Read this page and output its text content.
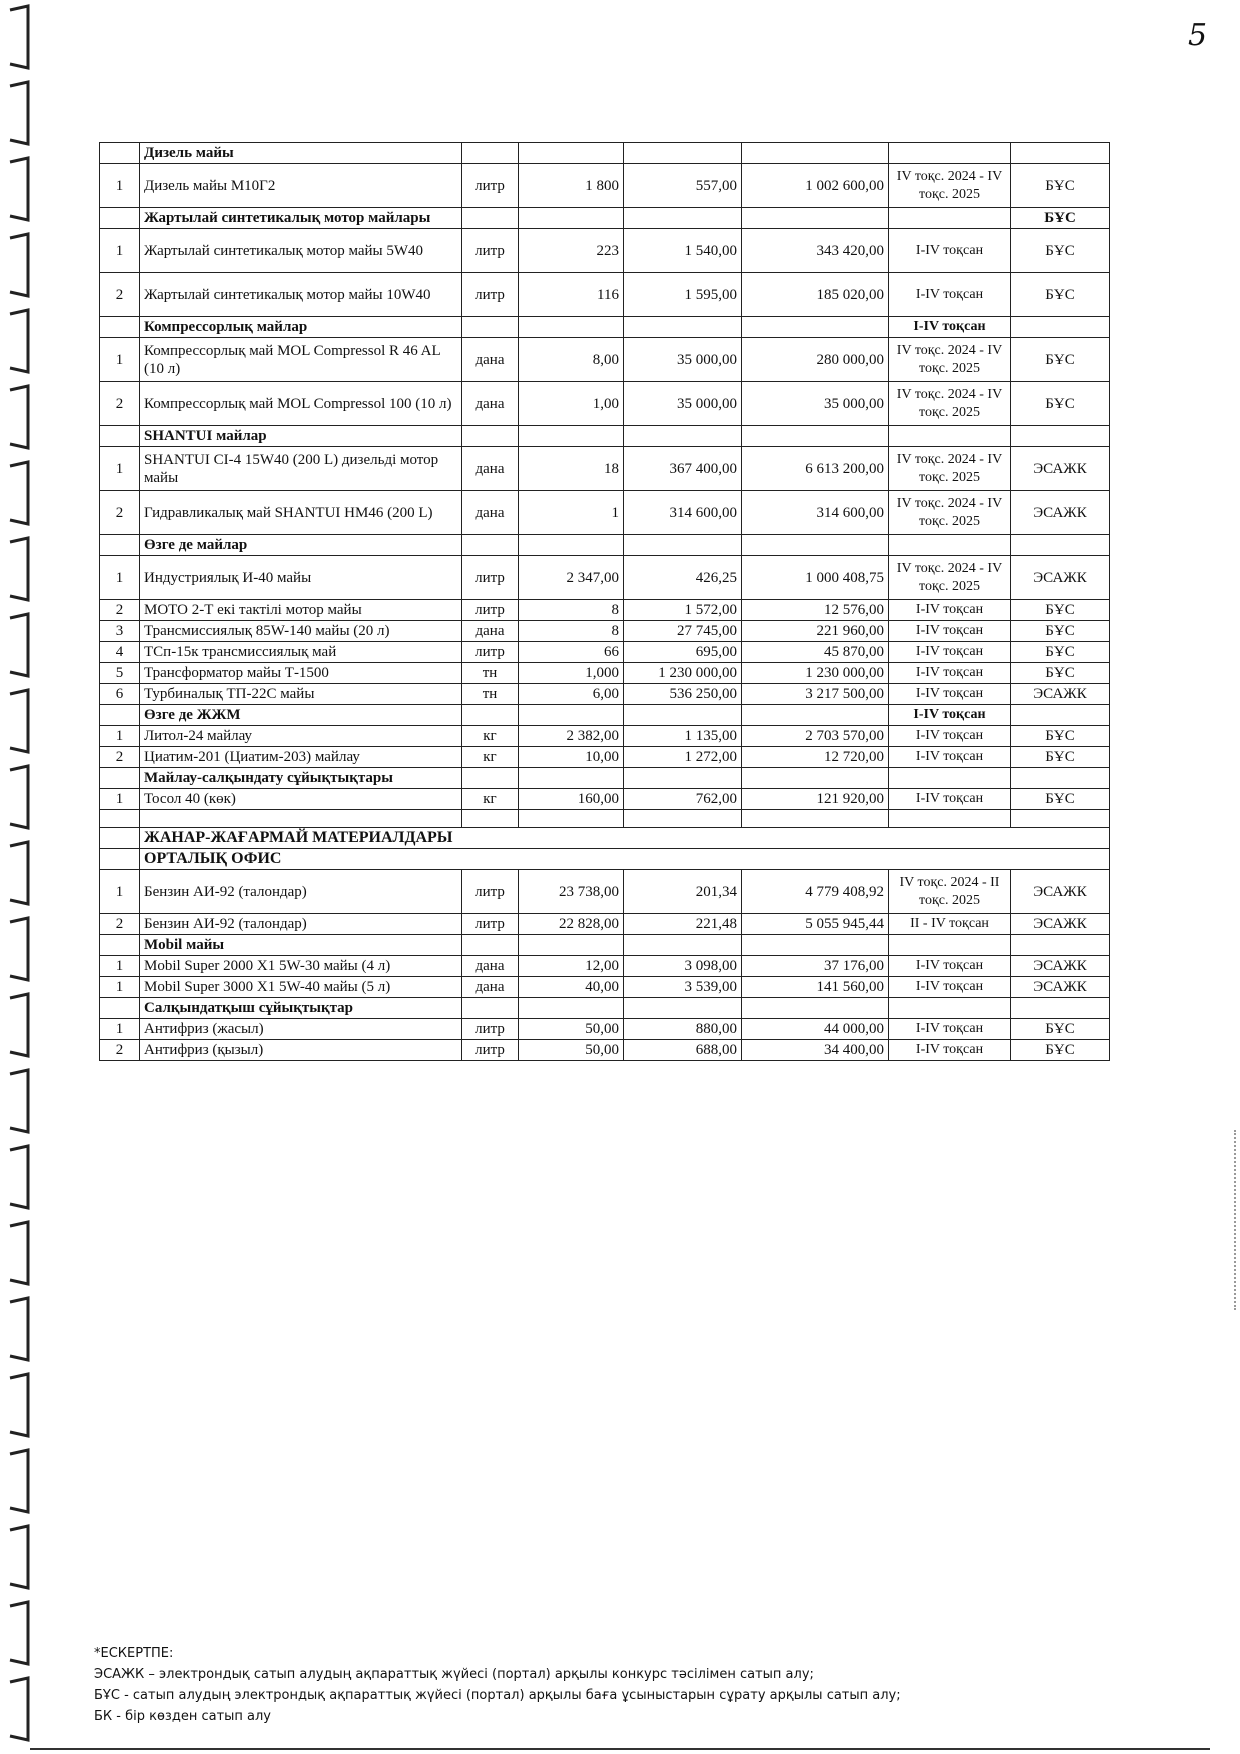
5
	Дизель майы						
1	Дизель майы М10Г2	литр	1 800	557,00	1 002 600,00	IV тоқс. 2024 - IV тоқс. 2025	БҰС
	Жартылай синтетикалық мотор майлары						БҰС
1	Жартылай синтетикалық мотор майы 5W40	литр	223	1 540,00	343 420,00	I-IV тоқсан	БҰС
2	Жартылай синтетикалық мотор майы 10W40	литр	116	1 595,00	185 020,00	I-IV тоқсан	БҰС
	Компрессорлық майлар					I-IV тоқсан	
1	Компрессорлық май MOL Compressol R 46 AL (10 л)	дана	8,00	35 000,00	280 000,00	IV тоқс. 2024 - IV тоқс. 2025	БҰС
2	Компрессорлық май MOL Compressol 100 (10 л)	дана	1,00	35 000,00	35 000,00	IV тоқс. 2024 - IV тоқс. 2025	БҰС
	SHANTUI майлар						
1	SHANTUI CI-4 15W40 (200 L) дизельді мотор майы	дана	18	367 400,00	6 613 200,00	IV тоқс. 2024 - IV тоқс. 2025	ЭСАЖК
2	Гидравликалық май SHANTUI HM46 (200 L)	дана	1	314 600,00	314 600,00	IV тоқс. 2024 - IV тоқс. 2025	ЭСАЖК
	Өзге де майлар						
1	Индустриялық И-40 майы	литр	2 347,00	426,25	1 000 408,75	IV тоқс. 2024 - IV тоқс. 2025	ЭСАЖК
2	МОТО 2-Т екі тактілі мотор майы	литр	8	1 572,00	12 576,00	I-IV тоқсан	БҰС
3	Трансмиссиялық 85W-140 майы (20 л)	дана	8	27 745,00	221 960,00	I-IV тоқсан	БҰС
4	ТСп-15к трансмиссиялық май	литр	66	695,00	45 870,00	I-IV тоқсан	БҰС
5	Трансформатор майы Т-1500	тн	1,000	1 230 000,00	1 230 000,00	I-IV тоқсан	БҰС
6	Турбиналық ТП-22С майы	тн	6,00	536 250,00	3 217 500,00	I-IV тоқсан	ЭСАЖК
	Өзге де ЖЖМ					I-IV тоқсан	
1	Литол-24 майлау	кг	2 382,00	1 135,00	2 703 570,00	I-IV тоқсан	БҰС
2	Циатим-201 (Циатим-203) майлау	кг	10,00	1 272,00	12 720,00	I-IV тоқсан	БҰС
	Майлау-салқындату сұйықтықтары						
1	Тосол 40 (көк)	кг	160,00	762,00	121 920,00	I-IV тоқсан	БҰС

	ЖАНАР-ЖАҒАРМАЙ МАТЕРИАЛДАРЫ						
	ОРТАЛЫҚ ОФИС						
1	Бензин АИ-92 (талондар)	литр	23 738,00	201,34	4 779 408,92	IV тоқс. 2024 - II тоқс. 2025	ЭСАЖК
2	Бензин АИ-92 (талондар)	литр	22 828,00	221,48	5 055 945,44	II - IV тоқсан	ЭСАЖК
	Mobil майы						
1	Mobil Super 2000 X1 5W-30 майы (4 л)	дана	12,00	3 098,00	37 176,00	I-IV тоқсан	ЭСАЖК
1	Mobil Super 3000 X1 5W-40 майы (5 л)	дана	40,00	3 539,00	141 560,00	I-IV тоқсан	ЭСАЖК
	Салқындатқыш сұйықтықтар						
1	Антифриз (жасыл)	литр	50,00	880,00	44 000,00	I-IV тоқсан	БҰС
2	Антифриз (қызыл)	литр	50,00	688,00	34 400,00	I-IV тоқсан	БҰС
*ЕСКЕРТПЕ:
ЭСАЖК – электрондық сатып алудың ақпараттық жүйесі (портал) арқылы конкурс тәсілімен сатып алу;
БҰС - сатып алудың электрондық ақпараттық жүйесі (портал) арқылы баға ұсыныстарын сұрату арқылы сатып алу;
БК - бір көзден сатып алу
